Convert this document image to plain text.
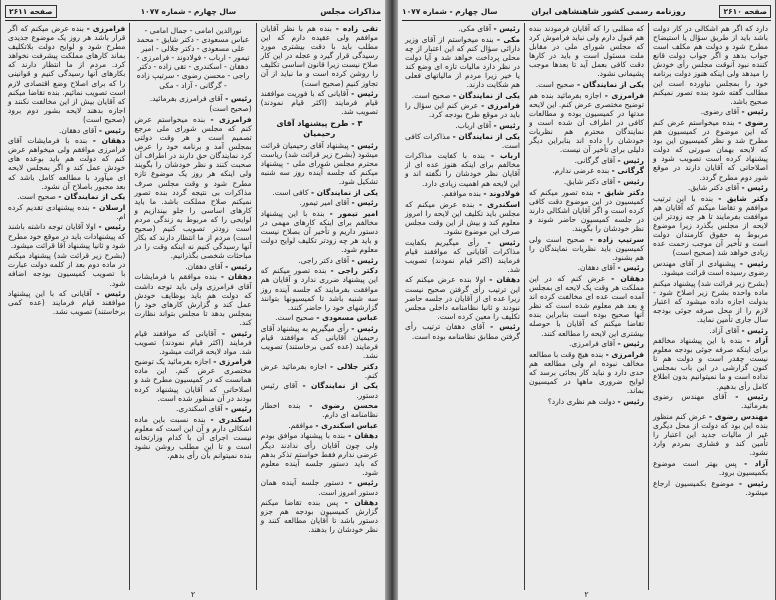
صفحه ۲۶۱۰
روزنامه رسمی کشور شاهنشاهی ایران
سال چهارم - شماره ۱۰۷۷

دارد که اگر هم اشکالی در کار دولت باشد باید از طریق سؤال یا استیضاح مطرح شود و دولت هم مکلف است جواب بدهد و اگر جواب دولت قانع کننده نبود آنوقت مجلس رأی خودش را میدهد ولی اینکه هنوز دولت برنامه خود را بمجلس نیاورده است این مطالب گفته شود بنده تصور نمیکنم صحیح باشد.

رئیس - آقای رضوی.

رضوی - بنده میخواستم عرض کنم که این موضوع در کمیسیون هم مطرح شد و نظر کمیسیون این بود که لایحه بهمان صورتی که دولت پیشنهاد کرده است تصویب شود و اصلاحاتی که آقایان دارند در موقع شور دوم مطرح گردد.

رئیس - آقای دکتر شایق.

دکتر شایق - بنده با این ترتیب موافقم و تقاضا میکنم که آقایان هم موافقت بفرمایند تا هر چه زودتر این لایحه از مجلس بگذرد زیرا موضوع مربوط به حقوق کارمندان دولت است و تأخیر آن موجب زحمت عده زیادی خواهد شد (صحیح است)

رئیس - پیشنهادی از آقای مهندس رضوی رسیده است قرائت میشود.

(بشرح زیر قرائت شد) پیشنهاد میکنم ماده واحده بشرح زیر اصلاح شود - بدولت اجازه داده میشود که اعتبار لازم را از محل صرفه جوئی بودجه سال جاری تأمین نماید.

رئیس - آقای آزاد.

آزاد - بنده با این پیشنهاد مخالفم برای اینکه صرفه جوئی بودجه معلوم نیست چقدر است و دولت هم تا کنون گزارشی در این باب بمجلس نداده است و ما نمیتوانیم بدون اطلاع کامل رأی بدهیم.

رئیس - آقای مهندس رضوی بفرمائید.

مهندس رضوی - عرض کنم منظور بنده این بود که دولت از محل دیگری غیر از مالیات جدید این اعتبار را تأمین کند و فشاری بمردم وارد نشود.

آزاد - پس بهتر است موضوع بکمیسیون برود.

رئیس - موضوع بکمیسیون ارجاع میشود.

که مطلبی را که آقایان فرمودند بنده هم قبول دارم ولی نباید فراموش کرد که مجلس شورای ملی در مقابل ملت مسئول است و باید در کارها دقت کافی بعمل آید تا بعدها موجب پشیمانی نشود.

یکی از نمایندگان - صحیح است.

فرامرزی - اجازه بفرمائید بنده هم توضیح مختصری عرض کنم. این لایحه مدتها در کمیسیون بوده و مطالعات کافی در اطراف آن شده است و نمایندگان محترم هم نظریات خودشان را داده اند بنابراین دیگر دلیلی برای تأخیر آن نیست.

رئیس - آقای گرگانی.

گرگانی - بنده عرضی ندارم.

رئیس - آقای دکتر شایق.

دکتر شایق - بنده تصور میکنم که کمیسیون در این موضوع دقت کافی کرده است و اگر آقایان اشکالی دارند در جلسه کمیسیون حاضر شوند و نظر خودشان را بگویند.

سرتیپ زاده - صحیح است ولی کمیسیون باید نظریات نمایندگان را هم بشنود.

رئیس - آقای دهقان.

دهقان - عرض کنم که در این مملکت هر وقت یک لایحه ای بمجلس آمده است عده ای مخالفت کرده اند و بعد هم معلوم شده است که نظر آنها صحیح بوده است بنابراین بنده تقاضا میکنم که آقایان با حوصله بیشتری این لایحه را مطالعه کنند.

رئیس - آقای فرامرزی.

فرامرزی - بنده هیچ وقت با مطالعه مخالف نبوده ام ولی مطالعه هم حدی دارد و نباید کار بجائی برسد که لوایح ضروری ماهها در کمیسیون بماند.

رئیس - دولت هم نظری دارد؟

رئیس - آقای مکی.

مکی - بنده میخواستم از آقای وزیر دارائی سؤال کنم که این اعتبار از چه محلی پرداخت خواهد شد و آیا دولت در نظر دارد مالیات تازه ای وضع کند یا خیر زیرا مردم از مالیاتهای فعلی هم شکایت دارند.

یکی از نمایندگان - صحیح است.

فرامرزی - عرض کنم این سؤال را باید در موقع طرح بودجه کرد.

رئیس - آقای ارباب.

یکی از نمایندگان - مذاکرات کافی است.

ارباب - بنده با کفایت مذاکرات مخالفم برای اینکه هنوز عده ای از آقایان نظر خودشان را نگفته اند و این لایحه هم اهمیت زیادی دارد.

فولادوند - بنده موافقم.

اسکندری - بنده عرض میکنم که مجلس باید تکلیف این لایحه را امروز معلوم کند و بیش از این وقت مجلس صرف این موضوع نشود.

رئیس - رأی میگیریم بکفایت مذاکرات آقایانی که موافقند قیام فرمایند (اکثر قیام نمودند) تصویب شد.

دهقان - اولا بنده عرض میکنم که این ترتیب رأی گرفتن صحیح نیست زیرا عده ای از آقایان در جلسه حاضر نبودند و ثانیا نظامنامه داخلی مجلس تکلیف را معین کرده است.

رئیس - آقای دهقان ترتیب رأی گرفتن مطابق نظامنامه بوده است.

۲
مذاکرات مجلس
سال چهارم - شماره ۱۰۷۷
صفحه ۲۶۱۱

تقی زاده - بنده هم با نظر آقایان موافقم ولی عقیده دارم که این مطلب باید با دقت بیشتری مورد رسیدگی قرار گیرد و عجله در این کار صلاح نیست زیرا قانون اساسی تکلیف را روشن کرده است و ما نباید از آن تجاوز کنیم (صحیح است)

رئیس - آقایانی که با فوریت موافقند قیام فرمایند (اکثر قیام نمودند) تصویب شد.

۳ - طرح پیشنهاد آقای رحیمیان

رئیس - پیشنهاد آقای رحیمیان قرائت میشود (بشرح زیر قرائت شد) ریاست محترم مجلس شورای ملی - پیشنهاد میکنم که جلسه آینده روز سه شنبه تشکیل شود.

یکی از نمایندگان - کافی است.

رئیس - آقای امیر تیمور.

امیر تیمور - بنده با این پیشنهاد مخالفم برای اینکه کارهای مهمی در دستور داریم و تأخیر آن بصلاح نیست و باید هر چه زودتر تکلیف لوایح دولت معلوم شود.

رئیس - آقای دکتر راجی.

دکتر راجی - بنده تصور میکنم که این پیشنهاد ضرری ندارد و آقایان هم موافقت بفرمایند که جلسه آینده روز سه شنبه باشد تا کمیسیونها بتوانند گزارشهای خود را حاضر کنند.

عباس مسعودی - صحیح است.

رئیس - رأی میگیریم به پیشنهاد آقای رحیمیان آقایانی که موافقند قیام فرمایند (عده کمی برخاستند) تصویب نشد.

دکتر جلالی - اجازه بفرمائید عرض کنم.

یکی از نمایندگان - آقای رئیس دستور.

محسن رضوی - بنده اخطار نظامنامه ای دارم.

عباس اسکندری - موافقم.

دهقان - بنده با پیشنهاد موافق بودم ولی چون آقایان رأی ندادند دیگر عرضی ندارم فقط خواستم تذکر بدهم که باید دستور جلسه آینده معلوم شود.

رئیس - دستور جلسه آینده همان دستور امروز است.

دهقان - پس بنده تقاضا میکنم گزارش کمیسیون بودجه هم جزو دستور باشد تا آقایان مطالعه کنند و نظر خودشان را بدهند.

نورالدین امامی - جمال امامی - عباس مسعودی - دکتر شایق - محمد علی مسعودی - دکتر جلالی - امیر تیمور - ارباب - فولادوند - فرامرزی - دهقان - اسکندری - تقی زاده - دکتر راجی - محسن رضوی - سرتیپ زاده - گرگانی - آزاد - مکی

رئیس - آقای فرامرزی بفرمائید.

(صحیح است)

فرامرزی - بنده میخواستم عرض کنم که مجلس شورای ملی مرجع تصمیم است و هر وقت دولتی بمجلس آمد و برنامه خود را عرض کرد نمایندگان حق دارند در اطراف آن صحبت کنند و نظر خودشان را بگویند ولی اینکه هر روز یک موضوع تازه مطرح شود و وقت مجلس صرف مذاکرات بی نتیجه گردد بنده تصور نمیکنم صلاح مملکت باشد. ما باید کارهای اساسی را جلو بیندازیم و لوایحی را که مربوط به زندگی مردم است زودتر تصویب کنیم (صحیح است) مردم از ما انتظار دارند که بکار آنها رسیدگی کنیم نه اینکه وقت را در مباحثات شخصی بگذرانیم.

رئیس - آقای دهقان.

دهقان - بنده موافقم با فرمایشات آقای فرامرزی ولی باید توجه داشت که دولت هم باید بوظایف خودش عمل کند و گزارش کارهای خود را بمجلس بدهد تا مجلس بتواند نظارت کند.

رئیس - آقایانی که موافقند قیام فرمایند (اکثر قیام نمودند) تصویب شد. مواد لایحه قرائت میشود.

فرامرزی - اجازه بفرمائید یک توضیح مختصری عرض کنم. این ماده همانست که در کمیسیون مطرح شد و اصلاحاتی که آقایان پیشنهاد کرده بودند در آن منظور شده است.

رئیس - آقای اسکندری.

اسکندری - بنده نسبت باین ماده اشکالی دارم و آن این است که معلوم نیست اجرای آن با کدام وزارتخانه است و تا این مطلب روشن نشود بنده نمیتوانم بآن رأی بدهم.

فرامرزی - بنده عرض میکنم که اگر قرار باشد هر روز یک موضوع جدیدی مطرح شود و لوایح دولت بلاتکلیف بماند کارهای مملکت پیشرفت نخواهد کرد. مردم از ما انتظار دارند که بکارهای آنها رسیدگی کنیم و قوانینی را که برای اصلاح وضع اقتصادی لازم است تصویب نمائیم. بنده تقاضا میکنم که آقایان بیش از این مخالفت نکنند و اجازه بدهند لایحه بشور دوم برود (صحیح است)

رئیس - آقای دهقان.

دهقان - بنده با فرمایشات آقای فرامرزی موافقم ولی میخواهم عرض کنم که دولت هم باید بوعده های خودش عمل کند و اگر بمجلس لایحه ای میآورد با مطالعه کامل باشد که بعد مجبور باصلاح آن نشود.

یکی از نمایندگان - صحیح است.

ارسلان - بنده پیشنهادی تقدیم کرده ام.

رئیس - اولا آقایان توجه داشته باشند که پیشنهادات باید در موقع خود مطرح شود و ثانیا پیشنهاد آقا قرائت میشود.

(بشرح زیر قرائت شد) پیشنهاد میکنم در ماده دوم بعد از کلمه دولت عبارت با تصویب کمیسیون بودجه اضافه شود.

رئیس - آقایانی که با این پیشنهاد موافقند قیام فرمایند (عده کمی برخاستند) تصویب نشد.

۲
